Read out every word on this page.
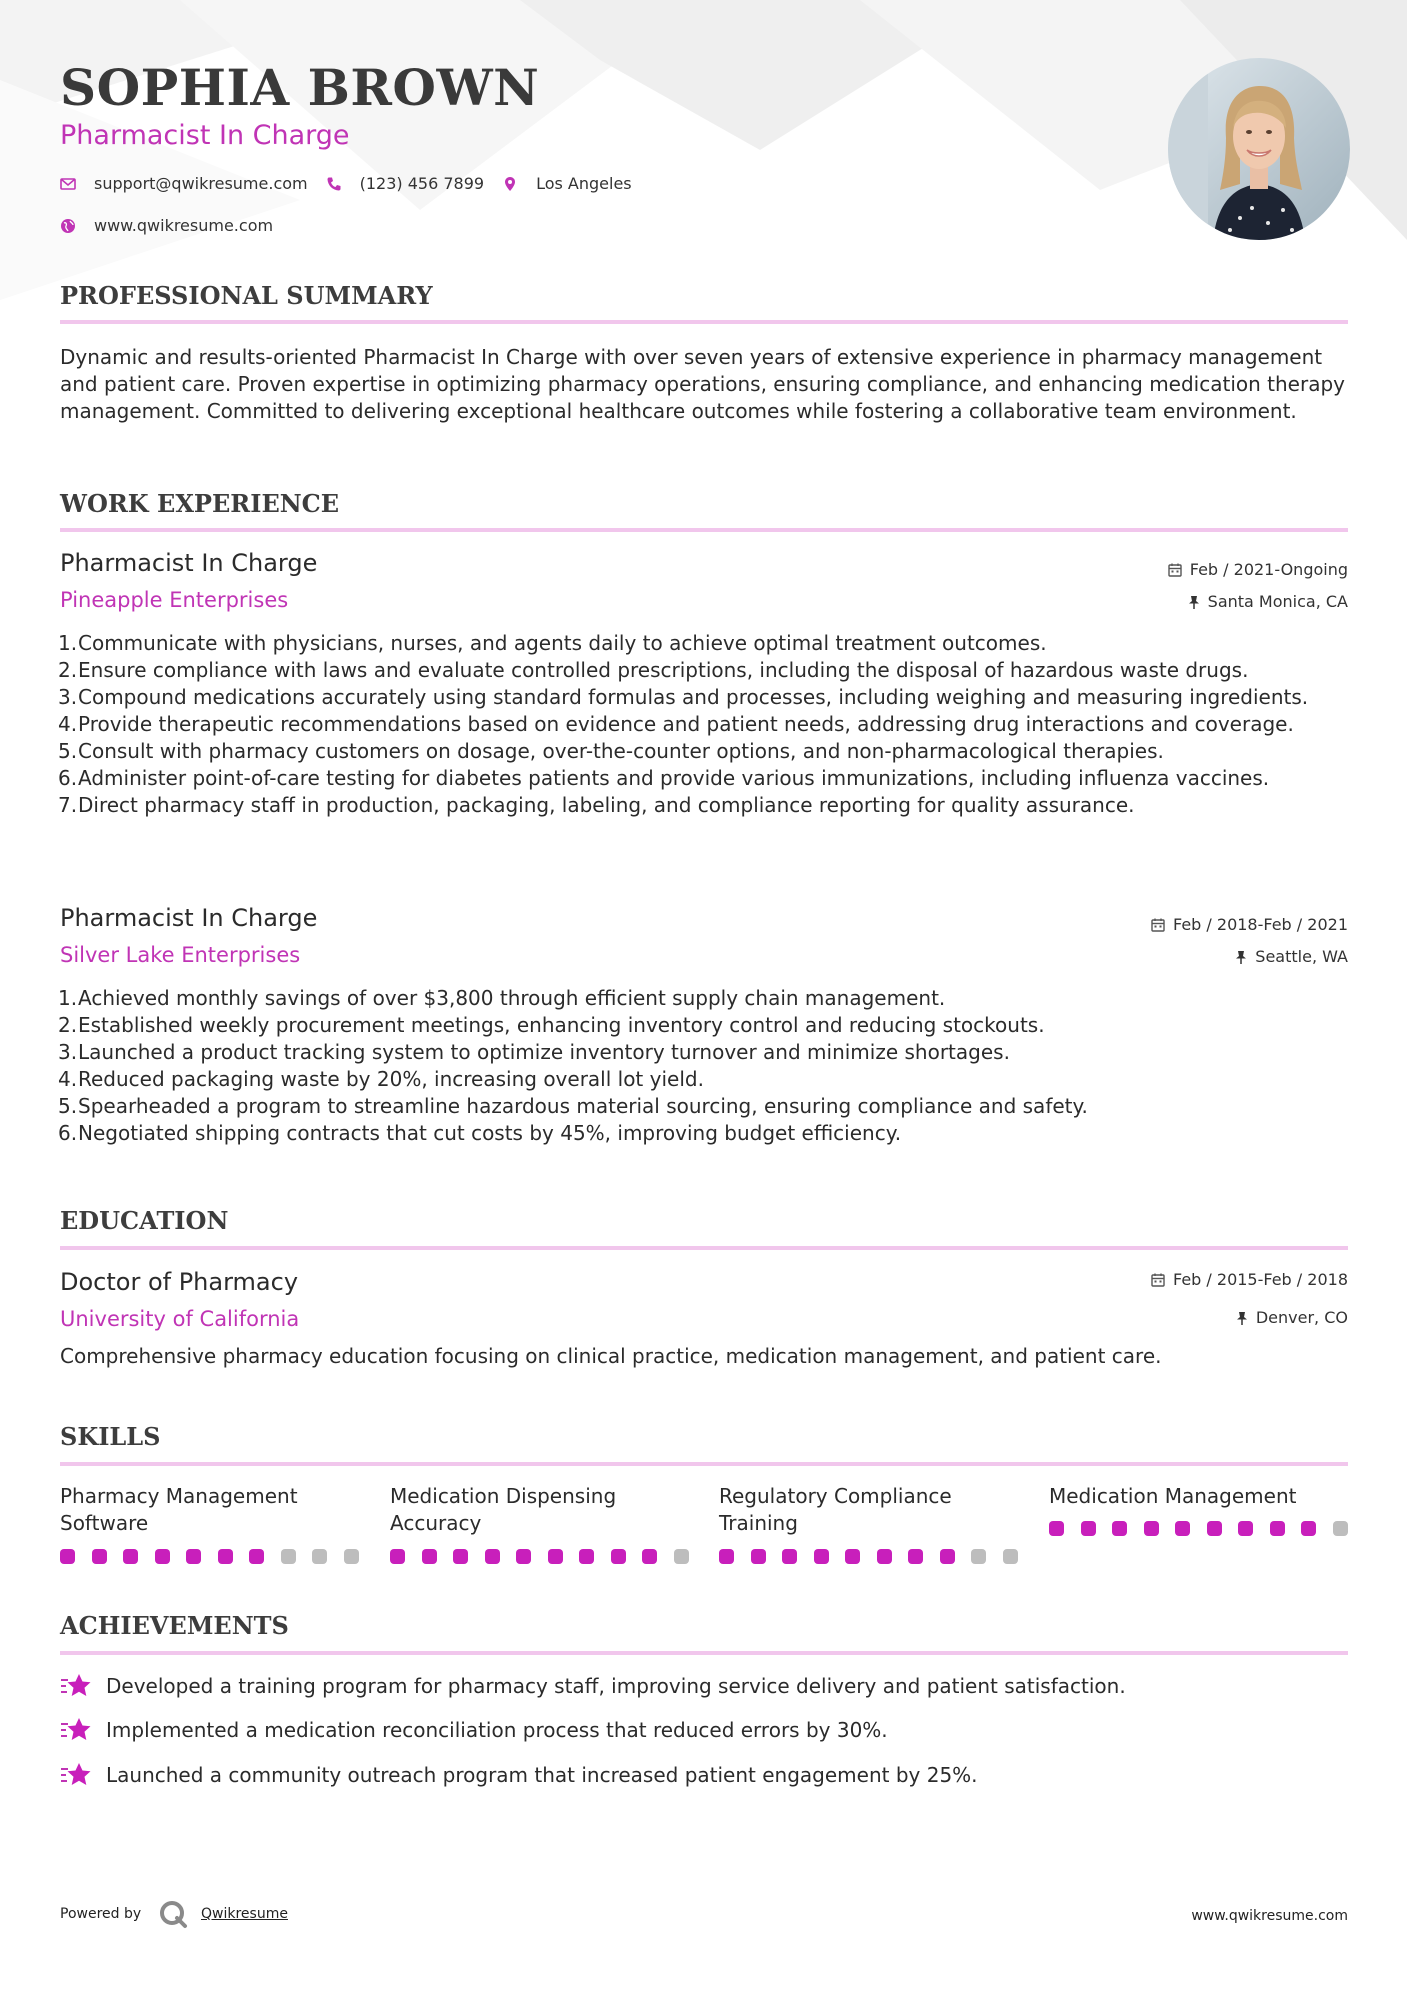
SOPHIA BROWN
Pharmacist In Charge
support@qwikresume.com	(123) 456 7899	Los Angeles
www.qwikresume.com
PROFESSIONAL SUMMARY
Dynamic and results-oriented Pharmacist In Charge with over seven years of extensive experience in pharmacy management and patient care. Proven expertise in optimizing pharmacy operations, ensuring compliance, and enhancing medication therapy management. Committed to delivering exceptional healthcare outcomes while fostering a collaborative team environment.
WORK EXPERIENCE
Pharmacist In Charge	Feb / 2021-Ongoing
Pineapple Enterprises	Santa Monica, CA
1. Communicate with physicians, nurses, and agents daily to achieve optimal treatment outcomes.
2. Ensure compliance with laws and evaluate controlled prescriptions, including the disposal of hazardous waste drugs.
3. Compound medications accurately using standard formulas and processes, including weighing and measuring ingredients.
4. Provide therapeutic recommendations based on evidence and patient needs, addressing drug interactions and coverage.
5. Consult with pharmacy customers on dosage, over-the-counter options, and non-pharmacological therapies.
6. Administer point-of-care testing for diabetes patients and provide various immunizations, including influenza vaccines.
7. Direct pharmacy staff in production, packaging, labeling, and compliance reporting for quality assurance.
Pharmacist In Charge	Feb / 2018-Feb / 2021
Silver Lake Enterprises	Seattle, WA
1. Achieved monthly savings of over $3,800 through efficient supply chain management.
2. Established weekly procurement meetings, enhancing inventory control and reducing stockouts.
3. Launched a product tracking system to optimize inventory turnover and minimize shortages.
4. Reduced packaging waste by 20%, increasing overall lot yield.
5. Spearheaded a program to streamline hazardous material sourcing, ensuring compliance and safety.
6. Negotiated shipping contracts that cut costs by 45%, improving budget efficiency.
EDUCATION
Doctor of Pharmacy	Feb / 2015-Feb / 2018
University of California	Denver, CO
Comprehensive pharmacy education focusing on clinical practice, medication management, and patient care.
SKILLS
Pharmacy Management
Software
Medication Dispensing
Accuracy
Regulatory Compliance
Training
Medication Management
ACHIEVEMENTS
Developed a training program for pharmacy staff, improving service delivery and patient satisfaction.
Implemented a medication reconciliation process that reduced errors by 30%.
Launched a community outreach program that increased patient engagement by 25%.
Powered by	Qwikresume	www.qwikresume.com
